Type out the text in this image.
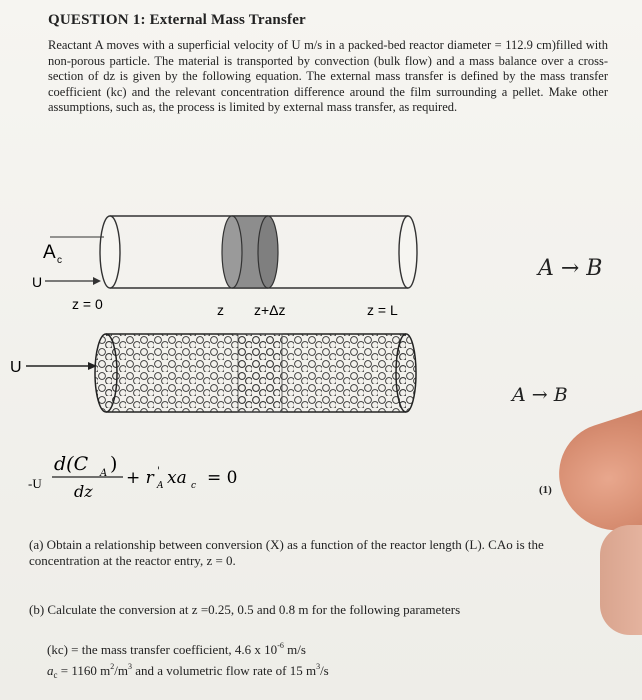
QUESTION 1: External Mass Transfer
Reactant A moves with a superficial velocity of U m/s in a packed-bed reactor diameter = 112.9 cm)filled with non-porous particle. The material is transported by convection (bulk flow) and a mass balance over a cross-section of dz is given by the following equation. The external mass transfer is defined by the mass transfer coefficient (kc) and the relevant concentration difference around the film surrounding a pellet. Make other assumptions, such as, the process is limited by external mass transfer, as required.
A c
U
z = 0	z z+Δz	z = L
U
-U
d(C A )
dz
+ r A
' xa c = 0
A → B
A → B
(1)
(a) Obtain a relationship between conversion (X) as a function of the reactor length (L). CAo is the concentration at the reactor entry, z = 0.
(b) Calculate the conversion at z =0.25, 0.5 and 0.8 m for the following parameters
(kc) = the mass transfer coefficient, 4.6 x $10^{-6}$ m/s
$a_c = 1160$ $m^2/m^3$ and a volumetric flow rate of 15 $m^3/s$
